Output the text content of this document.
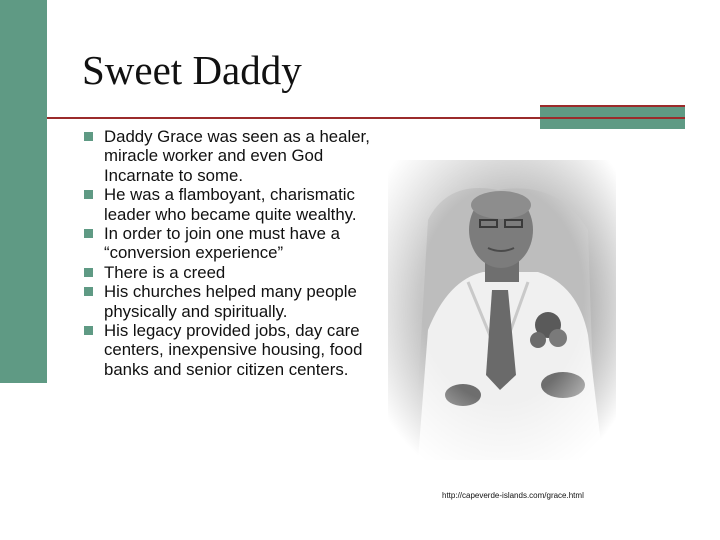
Sweet Daddy
Daddy Grace was seen as a healer, miracle worker and even God Incarnate to some.
He was a flamboyant, charismatic leader who became quite wealthy.
In order to join one must have a “conversion experience”
There is a creed
His churches helped many people physically and spiritually.
His legacy provided jobs, day care centers, inexpensive housing, food banks and senior citizen centers.
http://capeverde-islands.com/grace.html
